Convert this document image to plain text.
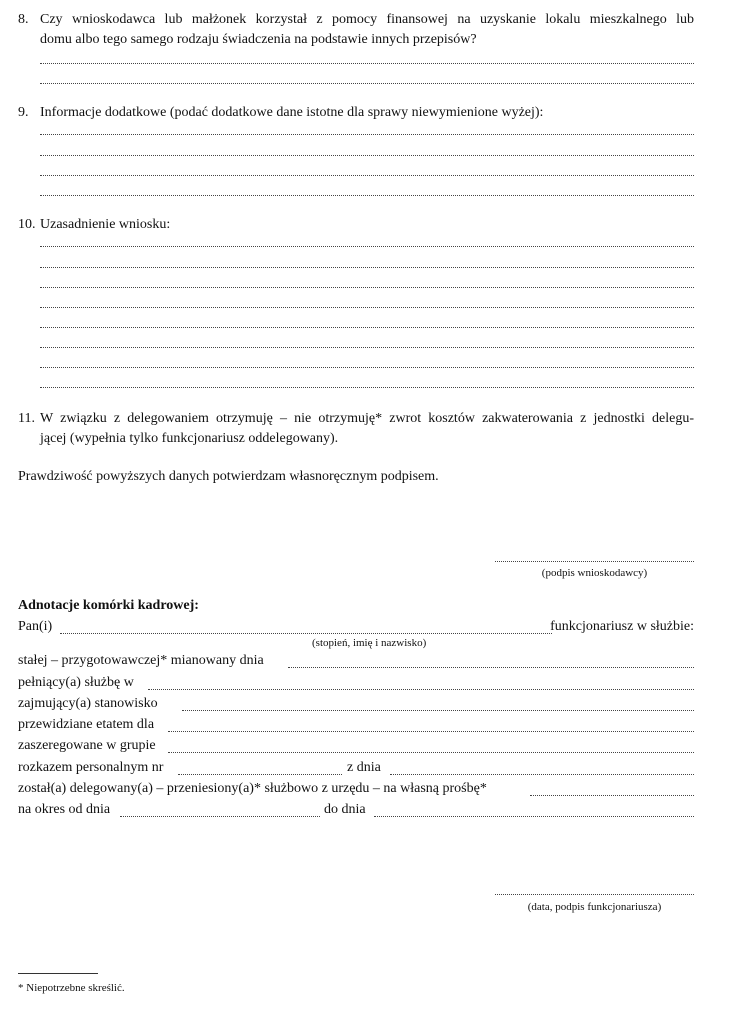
8. Czy wnioskodawca lub małżonek korzystał z pomocy finansowej na uzyskanie lokalu mieszkalnego lub
domu albo tego samego rodzaju świadczenia na podstawie innych przepisów?
9. Informacje dodatkowe (podać dodatkowe dane istotne dla sprawy niewymienione wyżej):
10. Uzasadnienie wniosku:
11. W związku z delegowaniem otrzymuję – nie otrzymuję* zwrot kosztów zakwaterowania z jednostki delegu-
jącej (wypełnia tylko funkcjonariusz oddelegowany).
Prawdziwość powyższych danych potwierdzam własnoręcznym podpisem.
(podpis wnioskodawcy)
Adnotacje komórki kadrowej:
Pan(i)	funkcjonariusz w służbie:
(stopień, imię i nazwisko)
stałej – przygotowawczej* mianowany dnia
pełniący(a) służbę w
zajmujący(a) stanowisko
przewidziane etatem dla
zaszeregowane w grupie
rozkazem personalnym nr	z dnia
został(a) delegowany(a) – przeniesiony(a)* służbowo z urzędu – na własną prośbę*
na okres od dnia	do dnia
(data, podpis funkcjonariusza)
* Niepotrzebne skreślić.
